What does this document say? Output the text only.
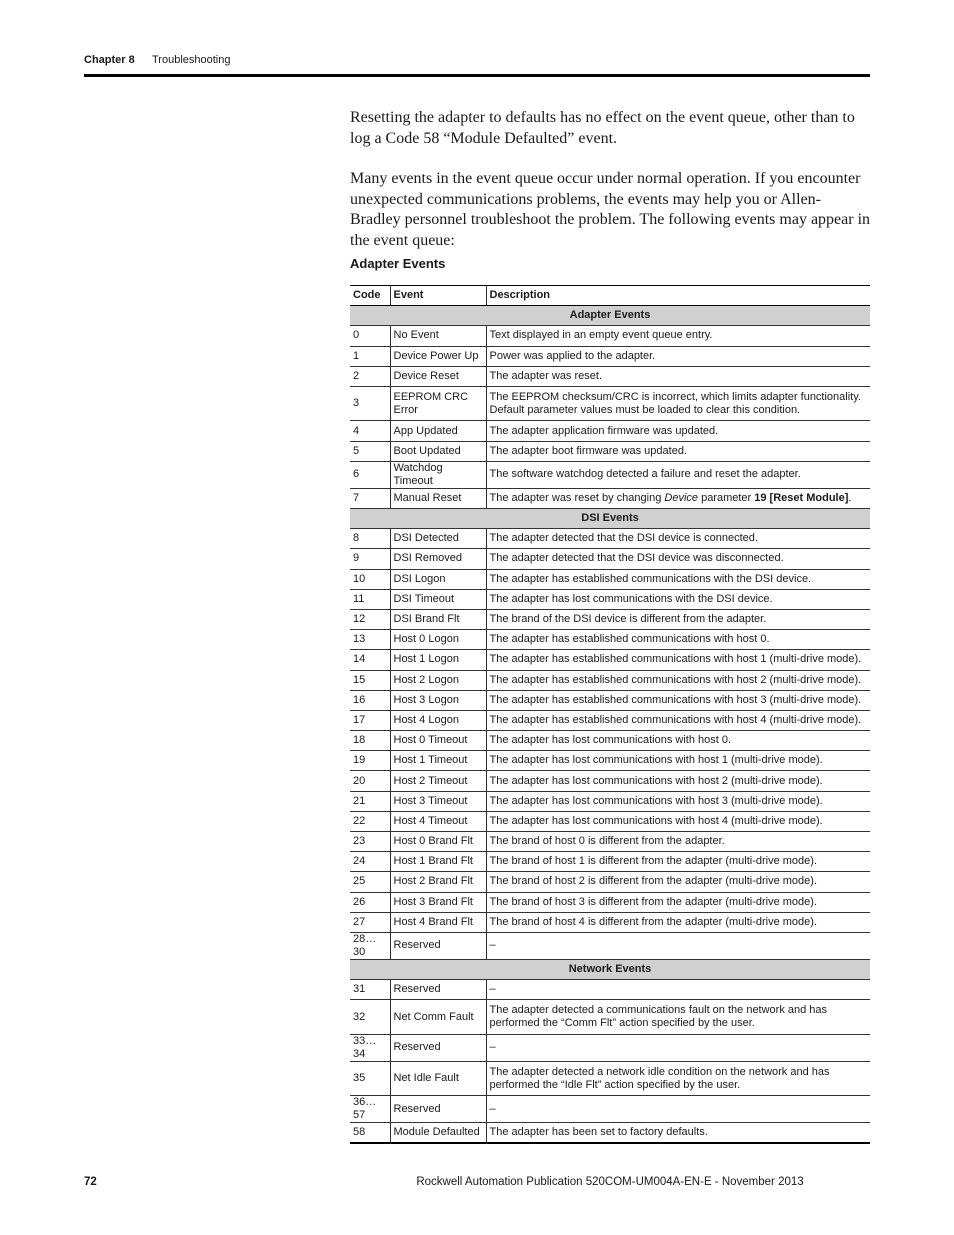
Chapter 8 Troubleshooting

Resetting the adapter to defaults has no effect on the event queue, other than to log a Code 58 “Module Defaulted” event.

Many events in the event queue occur under normal operation. If you encounter unexpected communications problems, the events may help you or Allen-Bradley personnel troubleshoot the problem. The following events may appear in the event queue:

Adapter Events
Code	Event	Description
Adapter Events		
0	No Event	Text displayed in an empty event queue entry.
1	Device Power Up	Power was applied to the adapter.
2	Device Reset	The adapter was reset.
3	EEPROM CRC Error	The EEPROM checksum/CRC is incorrect, which limits adapter functionality. Default parameter values must be loaded to clear this condition.
4	App Updated	The adapter application firmware was updated.
5	Boot Updated	The adapter boot firmware was updated.
6	Watchdog Timeout	The software watchdog detected a failure and reset the adapter.
7	Manual Reset	The adapter was reset by changing Device parameter 19 [Reset Module].
DSI Events		
8	DSI Detected	The adapter detected that the DSI device is connected.
9	DSI Removed	The adapter detected that the DSI device was disconnected.
10	DSI Logon	The adapter has established communications with the DSI device.
11	DSI Timeout	The adapter has lost communications with the DSI device.
12	DSI Brand Flt	The brand of the DSI device is different from the adapter.
13	Host 0 Logon	The adapter has established communications with host 0.
14	Host 1 Logon	The adapter has established communications with host 1 (multi-drive mode).
15	Host 2 Logon	The adapter has established communications with host 2 (multi-drive mode).
16	Host 3 Logon	The adapter has established communications with host 3 (multi-drive mode).
17	Host 4 Logon	The adapter has established communications with host 4 (multi-drive mode).
18	Host 0 Timeout	The adapter has lost communications with host 0.
19	Host 1 Timeout	The adapter has lost communications with host 1 (multi-drive mode).
20	Host 2 Timeout	The adapter has lost communications with host 2 (multi-drive mode).
21	Host 3 Timeout	The adapter has lost communications with host 3 (multi-drive mode).
22	Host 4 Timeout	The adapter has lost communications with host 4 (multi-drive mode).
23	Host 0 Brand Flt	The brand of host 0 is different from the adapter.
24	Host 1 Brand Flt	The brand of host 1 is different from the adapter (multi-drive mode).
25	Host 2 Brand Flt	The brand of host 2 is different from the adapter (multi-drive mode).
26	Host 3 Brand Flt	The brand of host 3 is different from the adapter (multi-drive mode).
27	Host 4 Brand Flt	The brand of host 4 is different from the adapter (multi-drive mode).
28…30	Reserved	–
Network Events		
31	Reserved	–
32	Net Comm Fault	The adapter detected a communications fault on the network and has performed the “Comm Flt” action specified by the user.
33…34	Reserved	–
35	Net Idle Fault	The adapter detected a network idle condition on the network and has performed the “Idle Flt” action specified by the user.
36…57	Reserved	–
58	Module Defaulted	The adapter has been set to factory defaults.
72	Rockwell Automation Publication 520COM-UM004A-EN-E - November 2013
